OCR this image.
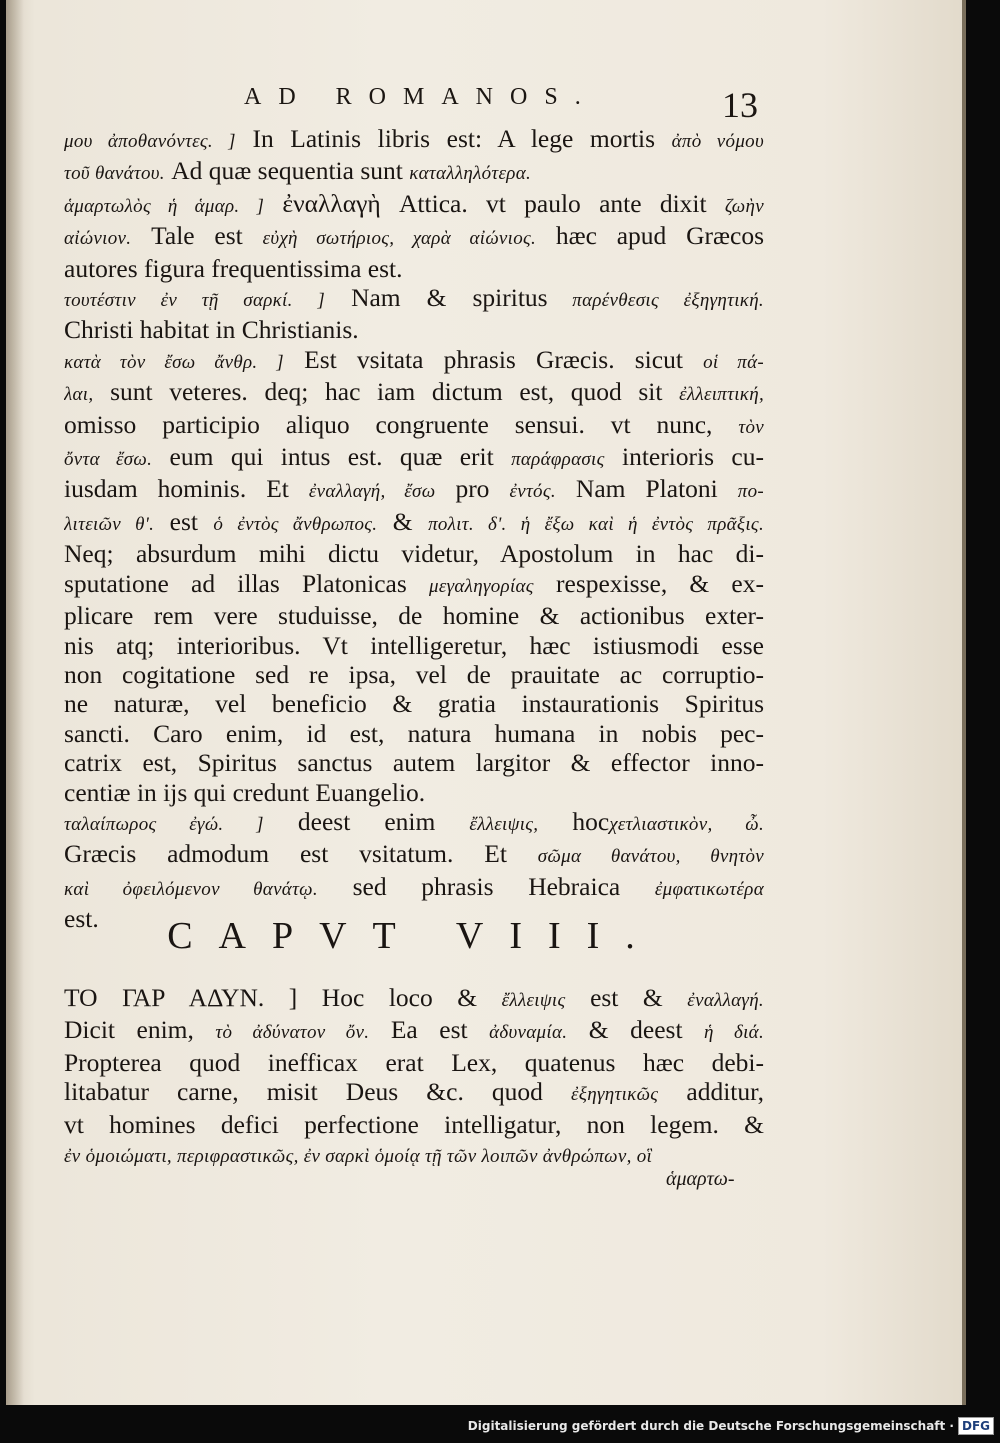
AD ROMANOS.	13
μου ἀποθανόντες. ] In Latinis libris est: A lege mortis ἀπὸ νόμου
τοῦ θανάτου. Ad quæ sequentia sunt καταλληλότερα.
ἁμαρτωλὸς ἡ ἁμαρ. ] ἐναλλαγὴ Attica. vt paulo ante dixit ζωὴν
αἰώνιον. Tale est εὐχὴ σωτήριος, χαρὰ αἰώνιος. hæc apud Græcos
autores figura frequentissima est.
τουτέστιν ἐν τῇ σαρκί. ] Nam & spiritus παρένθεσις ἐξηγητική.
Christi habitat in Christianis.
κατὰ τὸν ἔσω ἄνθρ. ] Est vsitata phrasis Græcis. sicut οἱ πά-
λαι, sunt veteres. deq; hac iam dictum est, quod sit ἐλλειπτική,
omisso participio aliquo congruente sensui. vt nunc, τὸν
ὄντα ἔσω. eum qui intus est. quæ erit παράφρασις interioris cu-
iusdam hominis. Et ἐναλλαγή, ἔσω pro ἐντός. Nam Platoni πο-
λιτειῶν θ'. est ὁ ἐντὸς ἄνθρωπος. & πολιτ. δ'. ἡ ἔξω καὶ ἡ ἐντὸς πρᾶξις.
Neq; absurdum mihi dictu videtur, Apostolum in hac di-
sputatione ad illas Platonicas μεγαληγορίας respexisse, & ex-
plicare rem vere studuisse, de homine & actionibus exter-
nis atq; interioribus. Vt intelligeretur, hæc istiusmodi esse
non cogitatione sed re ipsa, vel de prauitate ac corruptio-
ne naturæ, vel beneficio & gratia instaurationis Spiritus
sancti. Caro enim, id est, natura humana in nobis pec-
catrix est, Spiritus sanctus autem largitor & effector inno-
centiæ in ijs qui credunt Euangelio.
ταλαίπωρος ἐγώ. ] deest enim ἔλλειψις, hocχετλιαστικὸν, ὦ.
Græcis admodum est vsitatum. Et σῶμα θανάτου, θνητὸν
καὶ ὀφειλόμενον θανάτῳ. sed phrasis Hebraica ἐμφατικωτέρα
est.	CAPVT VIII.
ΤΟ ΓΑΡ ΑΔΥΝ. ] Hoc loco & ἔλλειψις est & ἐναλλαγή.
Dicit enim, τὸ ἀδύνατον ὄν. Ea est ἀδυναμία. & deest ἡ διά.
Propterea quod inefficax erat Lex, quatenus hæc debi-
litabatur carne, misit Deus &c. quod ἐξηγητικῶς additur,
vt homines defici perfectione intelligatur, non legem. &
ἐν ὁμοιώματι, περιφραστικῶς, ἐν σαρκὶ ὁμοίᾳ τῇ τῶν λοιπῶν ἀνθρώπων, οἳ
ἁμαρτω-
Digitalisierung gefördert durch die Deutsche Forschungsgemeinschaft · DFG
